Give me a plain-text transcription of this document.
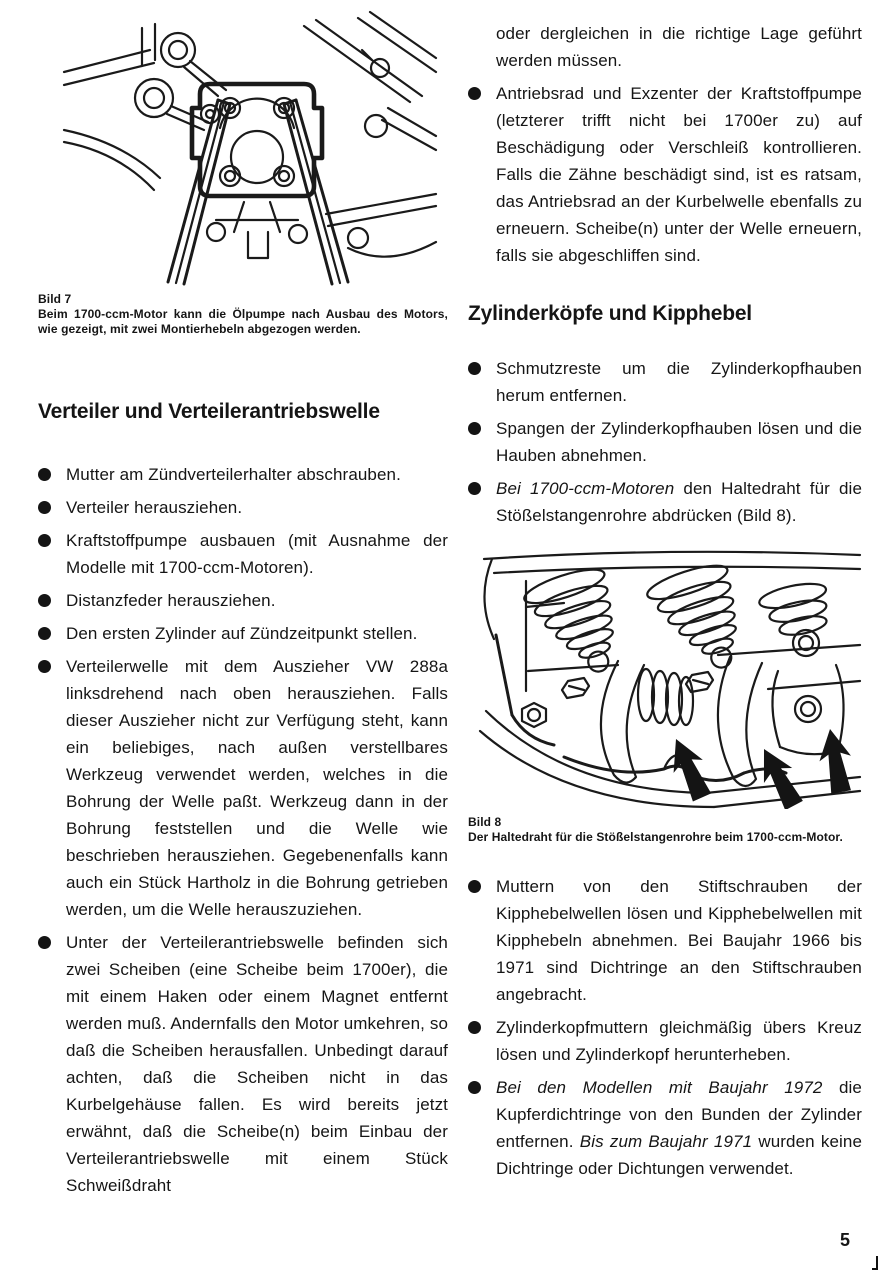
Bild 7
Beim 1700-ccm-Motor kann die Ölpumpe nach Ausbau des Motors, wie gezeigt, mit zwei Montierhebeln abgezogen werden.
Verteiler und Verteilerantriebswelle
Mutter am Zündverteilerhalter abschrauben.
Verteiler herausziehen.
Kraftstoffpumpe ausbauen (mit Ausnahme der Modelle mit 1700-ccm-Motoren).
Distanzfeder herausziehen.
Den ersten Zylinder auf Zündzeitpunkt stellen.
Verteilerwelle mit dem Auszieher VW 288a linksdrehend nach oben herausziehen. Falls dieser Auszieher nicht zur Verfügung steht, kann ein beliebiges, nach außen verstellbares Werkzeug verwendet werden, welches in die Bohrung der Welle paßt. Werkzeug dann in der Bohrung feststellen und die Welle wie beschrieben herausziehen. Gegebenenfalls kann auch ein Stück Hartholz in die Bohrung getrieben werden, um die Welle herauszuziehen.
Unter der Verteilerantriebswelle befinden sich zwei Scheiben (eine Scheibe beim 1700er), die mit einem Haken oder einem Magnet entfernt werden muß. Andernfalls den Motor umkehren, so daß die Scheiben herausfallen. Unbedingt darauf achten, daß die Scheiben nicht in das Kurbelgehäuse fallen. Es wird bereits jetzt erwähnt, daß die Scheibe(n) beim Einbau der Verteilerantriebswelle mit einem Stück Schweißdraht

oder dergleichen in die richtige Lage geführt werden müssen.

Antriebsrad und Exzenter der Kraftstoffpumpe (letzterer trifft nicht bei 1700er zu) auf Beschädigung oder Verschleiß kontrollieren. Falls die Zähne beschädigt sind, ist es ratsam, das Antriebsrad an der Kurbelwelle ebenfalls zu erneuern. Scheibe(n) unter der Welle erneuern, falls sie abgeschliffen sind.
Zylinderköpfe und Kipphebel
Schmutzreste um die Zylinderkopfhauben herum entfernen.
Spangen der Zylinderkopfhauben lösen und die Hauben abnehmen.
Bei 1700-ccm-Motoren den Haltedraht für die Stößelstangenrohre abdrücken (Bild 8).
Bild 8
Der Haltedraht für die Stößelstangenrohre beim 1700-ccm-Motor.
Muttern von den Stiftschrauben der Kipphebelwellen lösen und Kipphebelwellen mit Kipphebeln abnehmen. Bei Baujahr 1966 bis 1971 sind Dichtringe an den Stiftschrauben angebracht.
Zylinderkopfmuttern gleichmäßig übers Kreuz lösen und Zylinderkopf herunterheben.
Bei den Modellen mit Baujahr 1972 die Kupferdichtringe von den Bunden der Zylinder entfernen. Bis zum Baujahr 1971 wurden keine Dichtringe oder Dichtungen verwendet.
5
